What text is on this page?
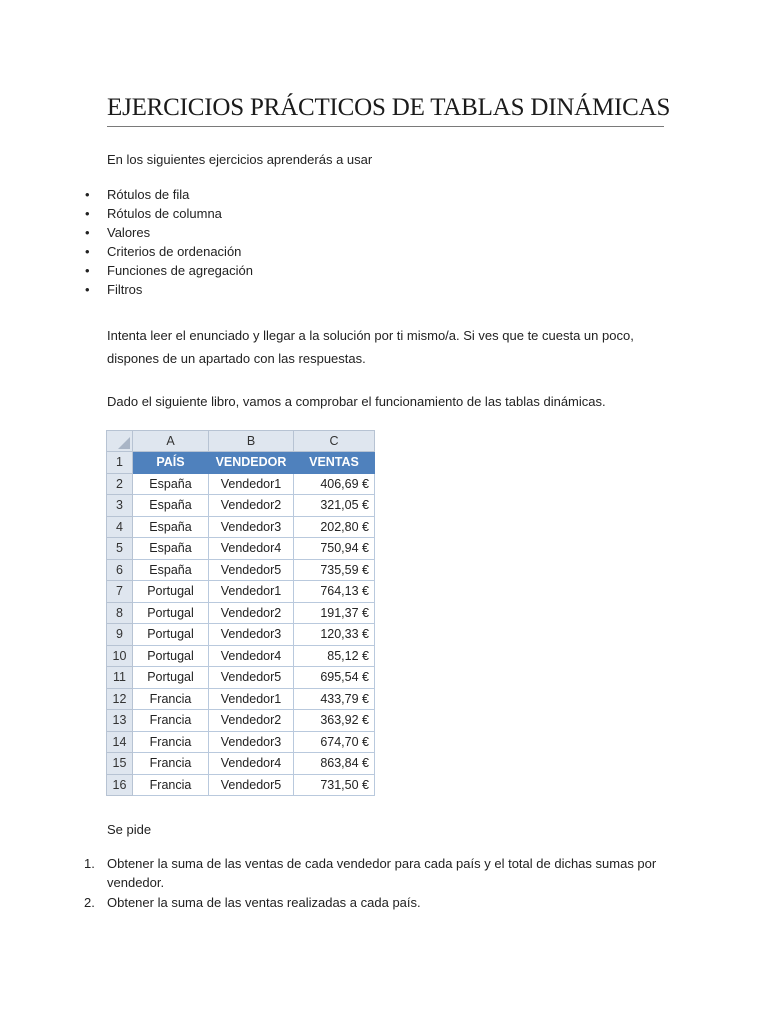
EJERCICIOS PRÁCTICOS DE TABLAS DINÁMICAS
En los siguientes ejercicios aprenderás a usar
• Rótulos de fila
• Rótulos de columna
• Valores
• Criterios de ordenación
• Funciones de agregación
• Filtros
Intenta leer el enunciado y llegar a la solución por ti mismo/a. Si ves que te cuesta un poco, dispones de un apartado con las respuestas.
Dado el siguiente libro, vamos a comprobar el funcionamiento de las tablas dinámicas.
	A	B	C
1	PAÍS	VENDEDOR	VENTAS
2	España	Vendedor1	406,69 €
3	España	Vendedor2	321,05 €
4	España	Vendedor3	202,80 €
5	España	Vendedor4	750,94 €
6	España	Vendedor5	735,59 €
7	Portugal	Vendedor1	764,13 €
8	Portugal	Vendedor2	191,37 €
9	Portugal	Vendedor3	120,33 €
10	Portugal	Vendedor4	85,12 €
11	Portugal	Vendedor5	695,54 €
12	Francia	Vendedor1	433,79 €
13	Francia	Vendedor2	363,92 €
14	Francia	Vendedor3	674,70 €
15	Francia	Vendedor4	863,84 €
16	Francia	Vendedor5	731,50 €
Se pide
1. Obtener la suma de las ventas de cada vendedor para cada país y el total de dichas sumas por vendedor.
2. Obtener la suma de las ventas realizadas a cada país.
